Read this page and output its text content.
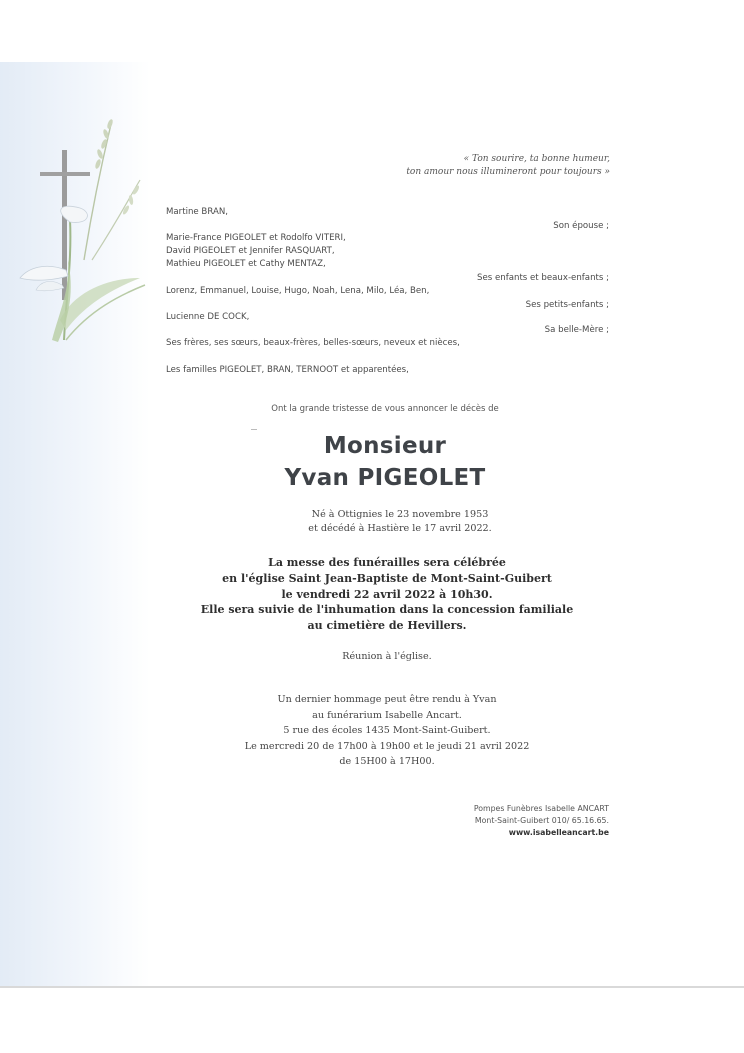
« Ton sourire, ta bonne humeur,
ton amour nous illumineront pour toujours »
Martine BRAN,
Son épouse ;
Marie-France PIGEOLET et Rodolfo VITERI,
David PIGEOLET et Jennifer RASQUART,
Mathieu PIGEOLET et Cathy MENTAZ,
Ses enfants et beaux-enfants ;
Lorenz, Emmanuel, Louise, Hugo, Noah, Lena, Milo, Léa, Ben,
Ses petits-enfants ;
Lucienne DE COCK,
Sa belle-Mère ;
Ses frères, ses sœurs, beaux-frères, belles-sœurs, neveux et nièces,
Les familles PIGEOLET, BRAN, TERNOOT et apparentées,
Ont la grande tristesse de vous annoncer le décès de
Monsieur
Yvan PIGEOLET
Né à Ottignies le 23 novembre 1953
et décédé à Hastière le 17 avril 2022.
La messe des funérailles sera célébrée
en l'église Saint Jean-Baptiste de Mont-Saint-Guibert
le vendredi 22 avril 2022 à 10h30.
Elle sera suivie de l'inhumation dans la concession familiale
au cimetière de Hevillers.
Réunion à l'église.
Un dernier hommage peut être rendu à Yvan
au funérarium Isabelle Ancart.
5 rue des écoles 1435 Mont-Saint-Guibert.
Le mercredi 20 de 17h00 à 19h00 et le jeudi 21 avril 2022
de 15H00 à 17H00.
Pompes Funèbres Isabelle ANCART
Mont-Saint-Guibert 010/ 65.16.65.
www.isabelleancart.be
